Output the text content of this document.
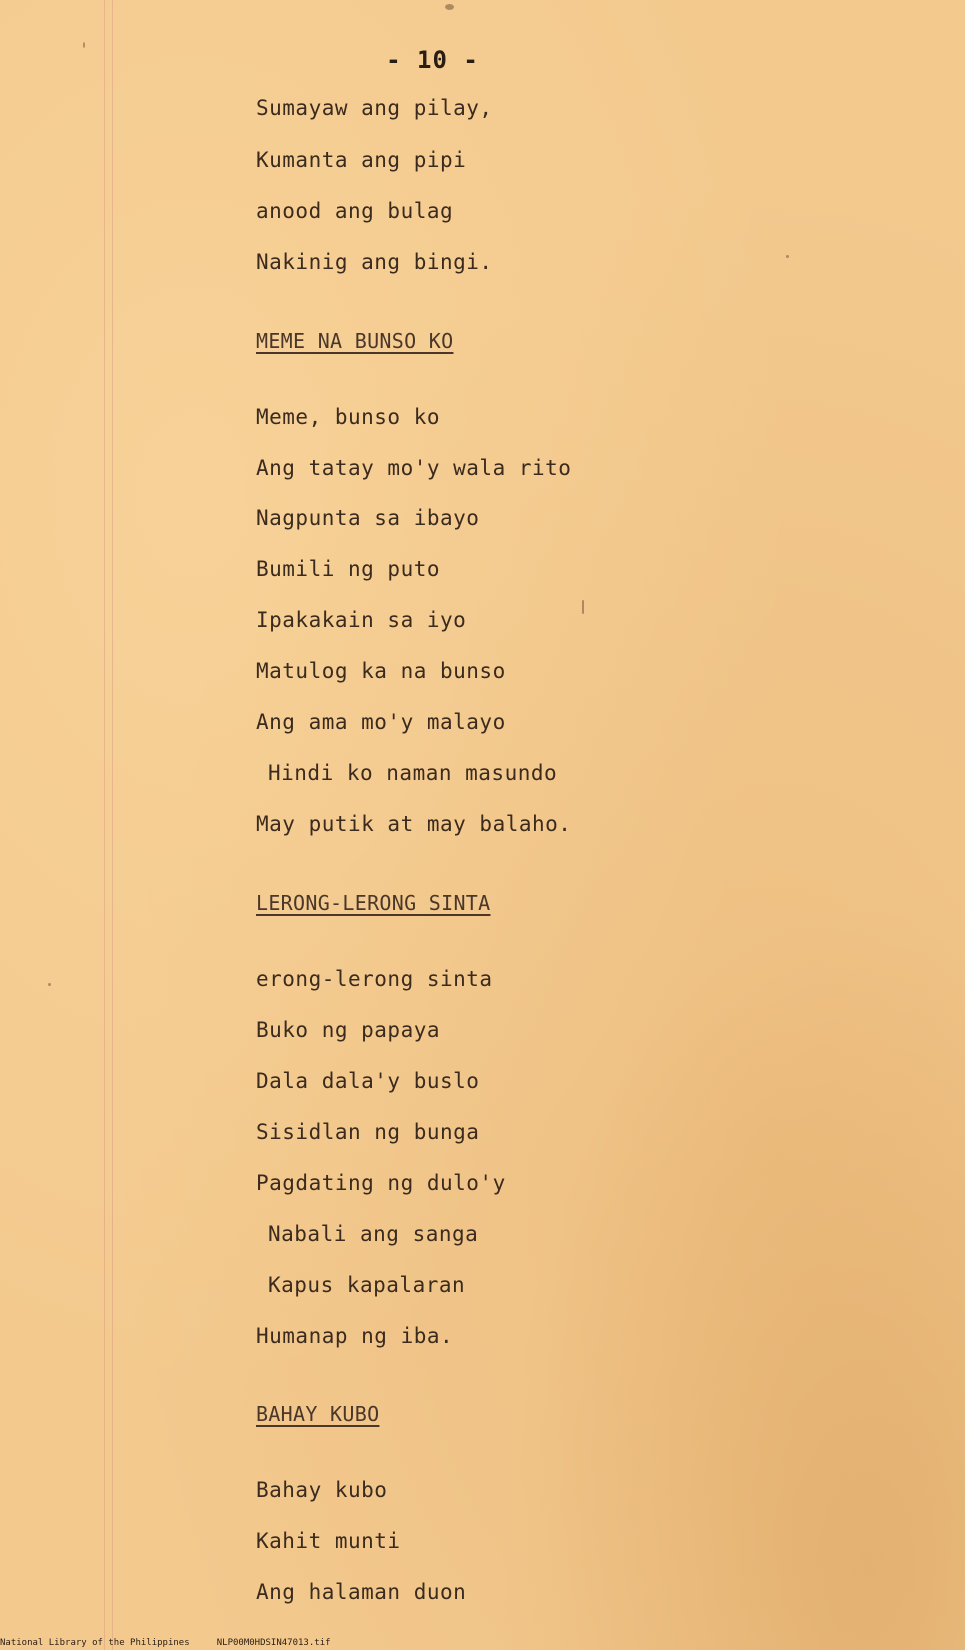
- 10 -
Sumayaw ang pilay,
Kumanta ang pipi
anood ang bulag
Nakinig ang bingi.
MEME NA BUNSO KO
Meme, bunso ko
Ang tatay mo'y wala rito
Nagpunta sa ibayo
Bumili ng puto
Ipakakain sa iyo
Matulog ka na bunso
Ang ama mo'y malayo
Hindi ko naman masundo
May putik at may balaho.
LERONG-LERONG SINTA
erong-lerong sinta
Buko ng papaya
Dala dala'y buslo
Sisidlan ng bunga
Pagdating ng dulo'y
Nabali ang sanga
Kapus kapalaran
Humanap ng iba.
BAHAY KUBO
Bahay kubo
Kahit munti
Ang halaman duon
National Library of the Philippines     NLP00M0HDSIN47013.tif
